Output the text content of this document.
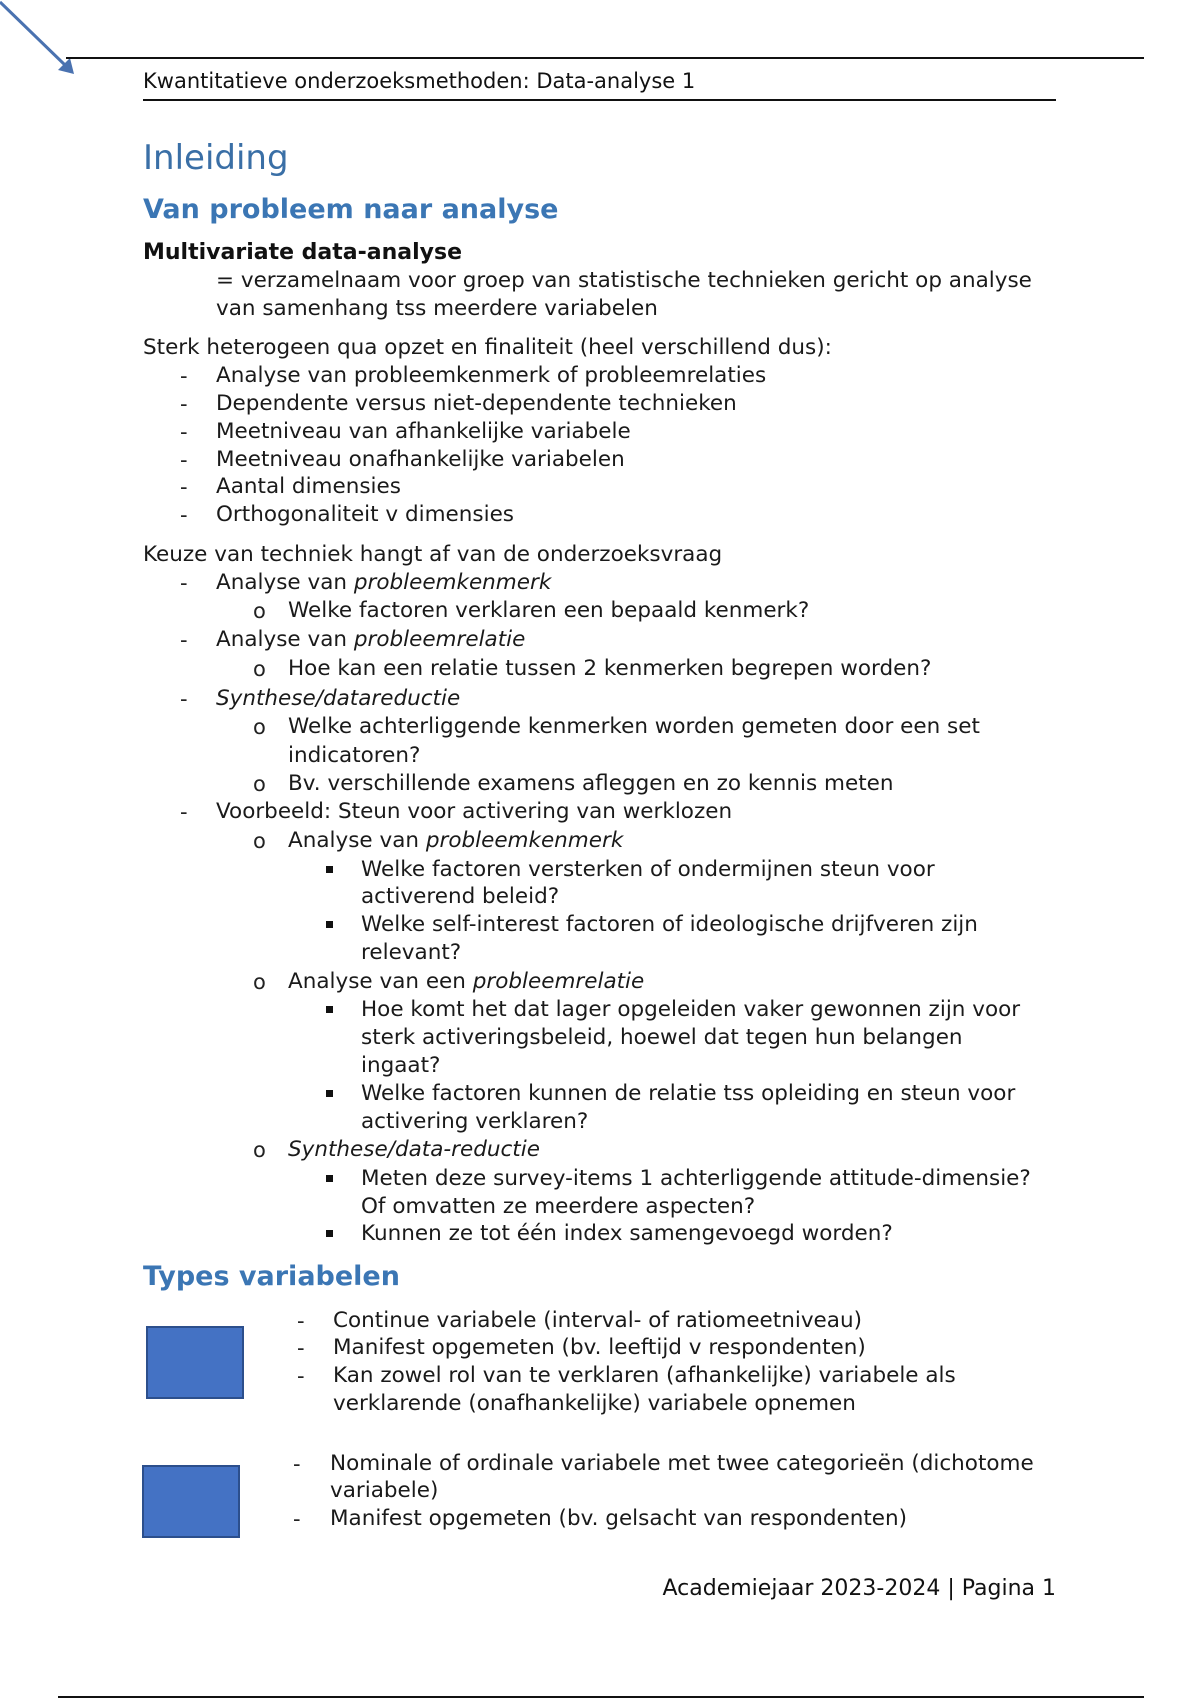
Kwantitatieve onderzoeksmethoden: Data-analyse 1
Inleiding
Van probleem naar analyse
Multivariate data-analyse
= verzamelnaam voor groep van statistische technieken gericht op analyse
van samenhang tss meerdere variabelen
Sterk heterogeen qua opzet en finaliteit (heel verschillend dus):
- Analyse van probleemkenmerk of probleemrelaties
- Dependente versus niet-dependente technieken
- Meetniveau van afhankelijke variabele
- Meetniveau onafhankelijke variabelen
- Aantal dimensies
- Orthogonaliteit v dimensies
Keuze van techniek hangt af van de onderzoeksvraag
- Analyse van probleemkenmerk
o Welke factoren verklaren een bepaald kenmerk?
- Analyse van probleemrelatie
o Hoe kan een relatie tussen 2 kenmerken begrepen worden?
- Synthese/datareductie
o Welke achterliggende kenmerken worden gemeten door een set
indicatoren?
o Bv. verschillende examens afleggen en zo kennis meten
- Voorbeeld: Steun voor activering van werklozen
o Analyse van probleemkenmerk
Welke factoren versterken of ondermijnen steun voor
activerend beleid?
Welke self-interest factoren of ideologische drijfveren zijn
relevant?
o Analyse van een probleemrelatie
Hoe komt het dat lager opgeleiden vaker gewonnen zijn voor
sterk activeringsbeleid, hoewel dat tegen hun belangen
ingaat?
Welke factoren kunnen de relatie tss opleiding en steun voor
activering verklaren?
o Synthese/data-reductie
Meten deze survey-items 1 achterliggende attitude-dimensie?
Of omvatten ze meerdere aspecten?
Kunnen ze tot één index samengevoegd worden?
Types variabelen
- Continue variabele (interval- of ratiomeetniveau)
- Manifest opgemeten (bv. leeftijd v respondenten)
- Kan zowel rol van te verklaren (afhankelijke) variabele als
verklarende (onafhankelijke) variabele opnemen
- Nominale of ordinale variabele met twee categorieën (dichotome
variabele)
- Manifest opgemeten (bv. gelsacht van respondenten)
Academiejaar 2023-2024 | Pagina 1
